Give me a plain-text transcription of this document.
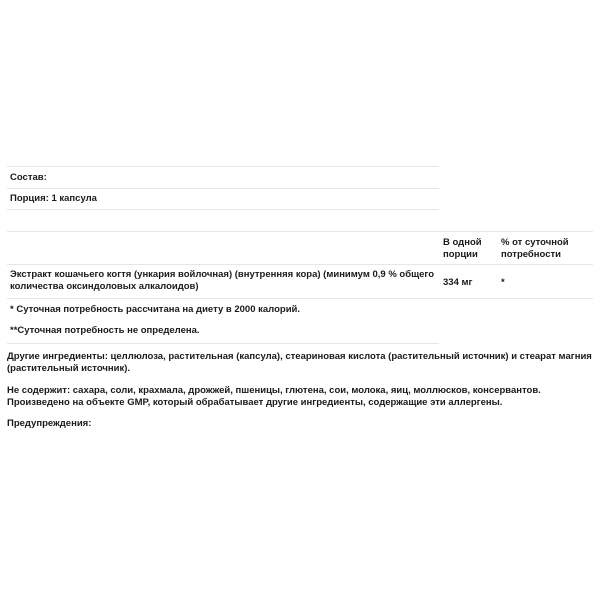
Состав:
Порция: 1 капсула
В одной
порции
% от суточной
потребности
Экстракт кошачьего когтя (ункария войлочная) (внутренняя кора) (минимум 0,9 % общего
количества оксиндоловых алкалоидов)	334 мг	*
* Суточная потребность рассчитана на диету в 2000 калорий.
**Суточная потребность не определена.
Другие ингредиенты: целлюлоза, растительная (капсула), стеариновая кислота (растительный источник) и стеарат магния
(растительный источник).
Не содержит: сахара, соли, крахмала, дрожжей, пшеницы, глютена, сои, молока, яиц, моллюсков, консервантов.
Произведено на объекте GMP, который обрабатывает другие ингредиенты, содержащие эти аллергены.
Предупреждения:
